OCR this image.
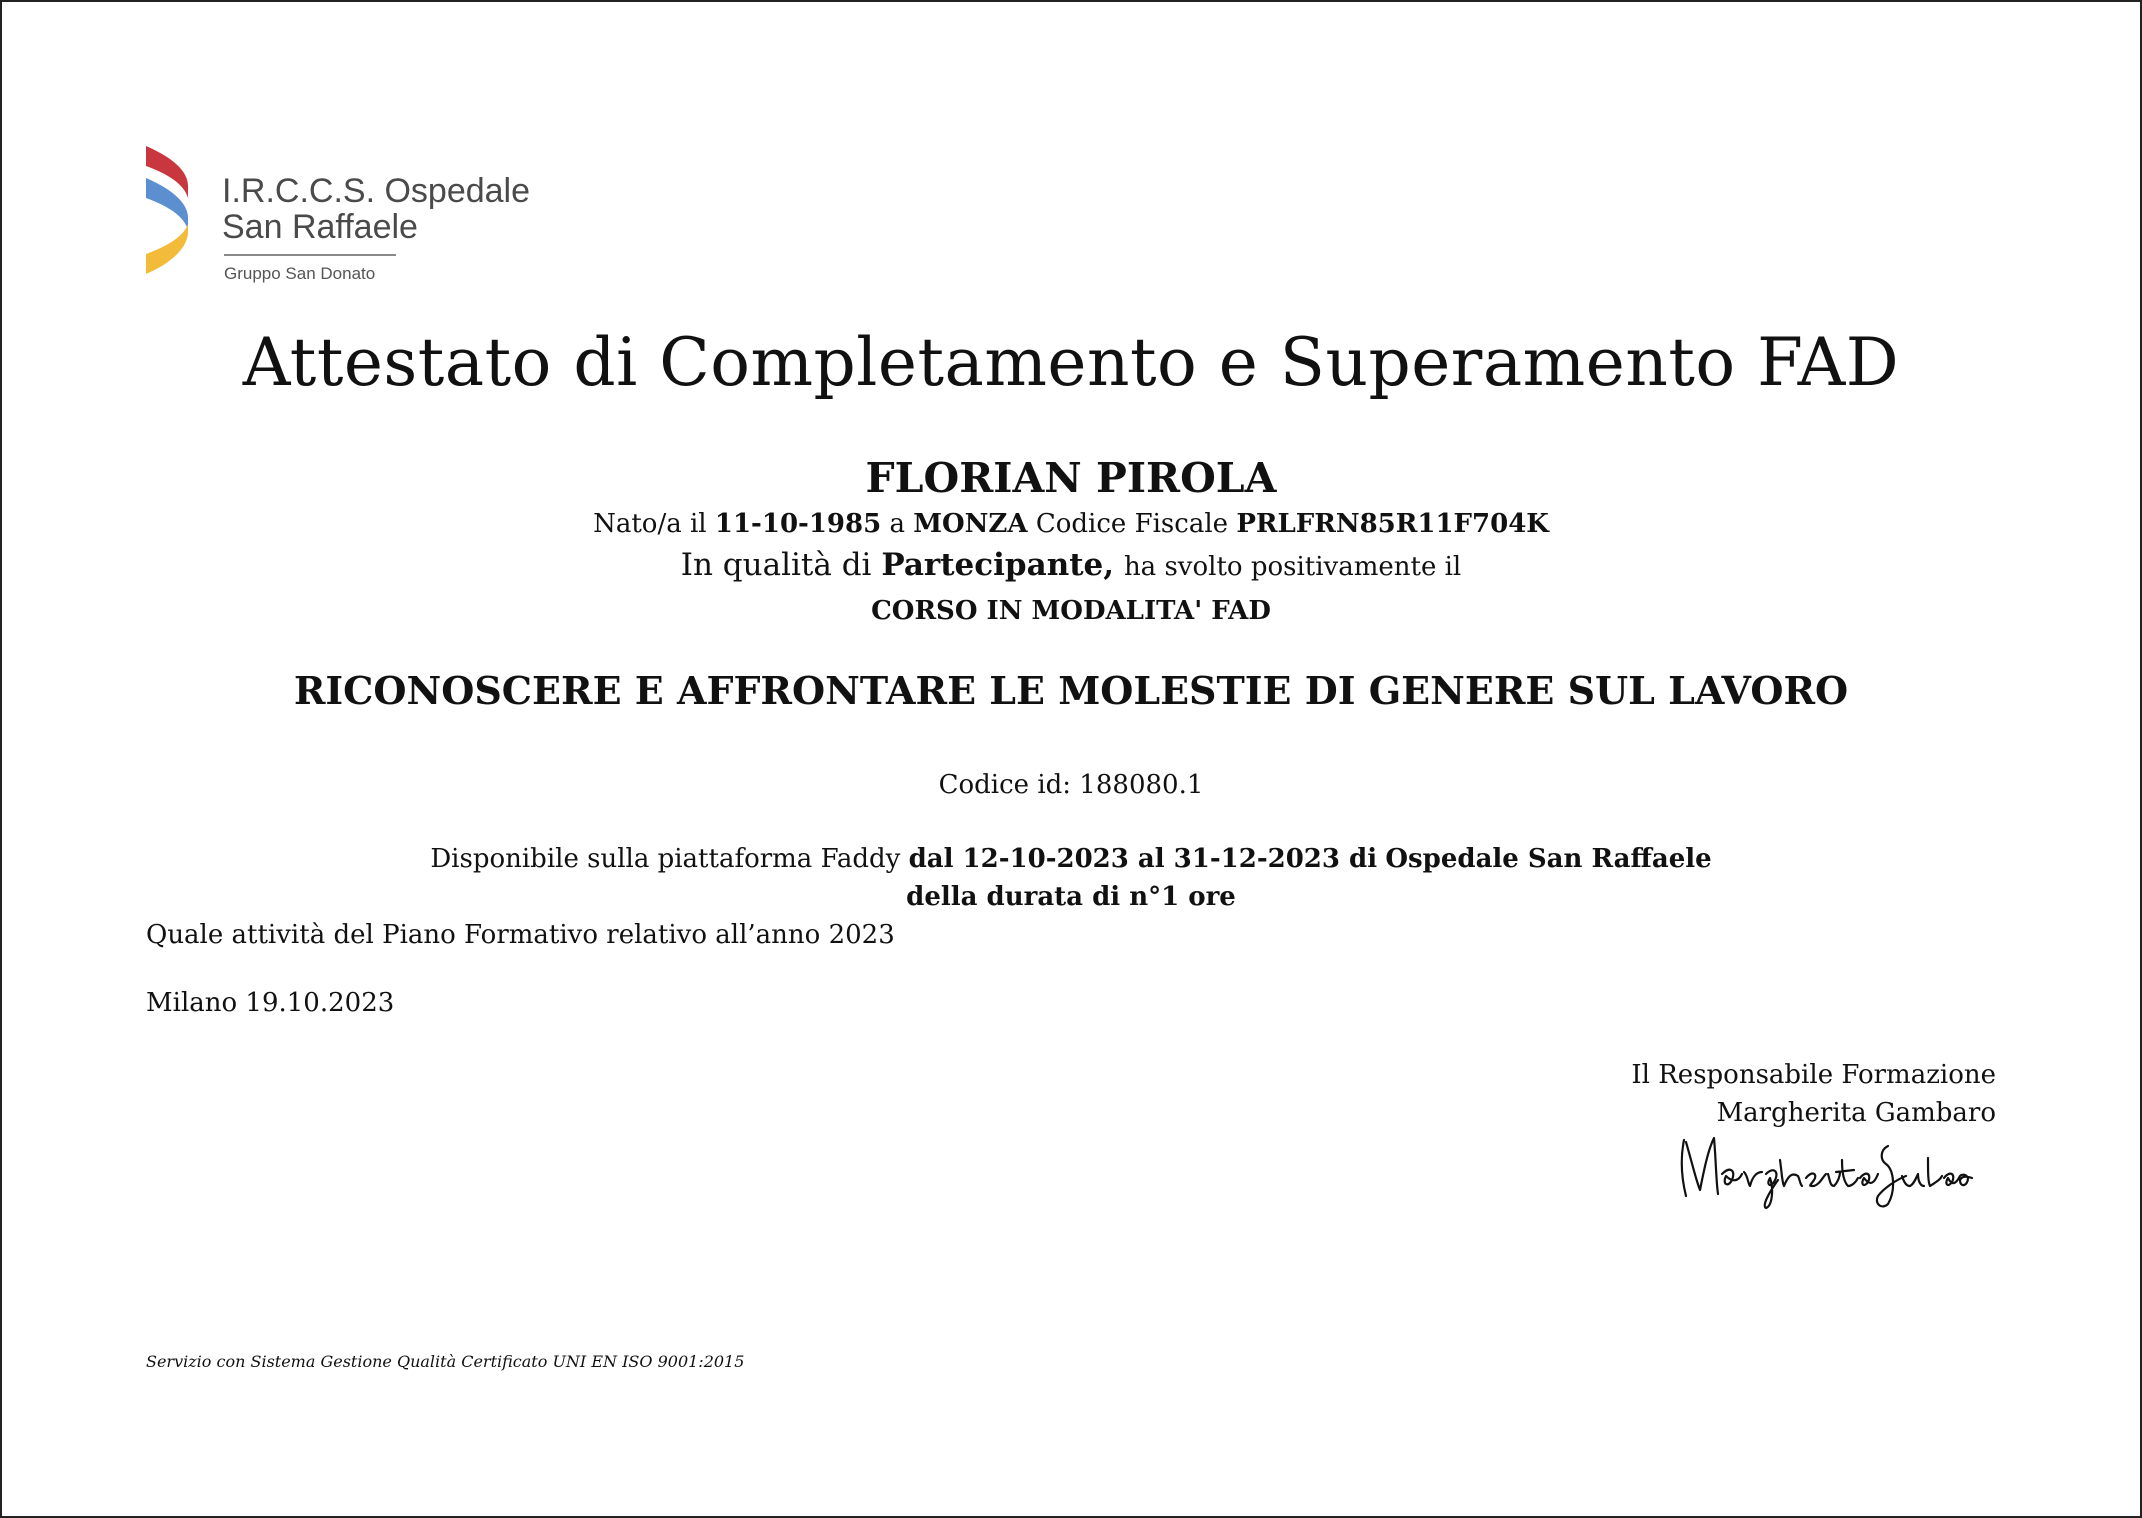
I.R.C.C.S. Ospedale
San Raffaele
Gruppo San Donato
Attestato di Completamento e Superamento FAD
FLORIAN PIROLA
Nato/a il 11-10-1985 a MONZA Codice Fiscale PRLFRN85R11F704K
In qualità di Partecipante, ha svolto positivamente il
CORSO IN MODALITA' FAD
RICONOSCERE E AFFRONTARE LE MOLESTIE DI GENERE SUL LAVORO
Codice id: 188080.1
Disponibile sulla piattaforma Faddy dal 12-10-2023 al 31-12-2023 di Ospedale San Raffaele
della durata di n°1 ore
Quale attività del Piano Formativo relativo all’anno 2023
Milano 19.10.2023
Il Responsabile Formazione
Margherita Gambaro
Servizio con Sistema Gestione Qualità Certificato UNI EN ISO 9001:2015
